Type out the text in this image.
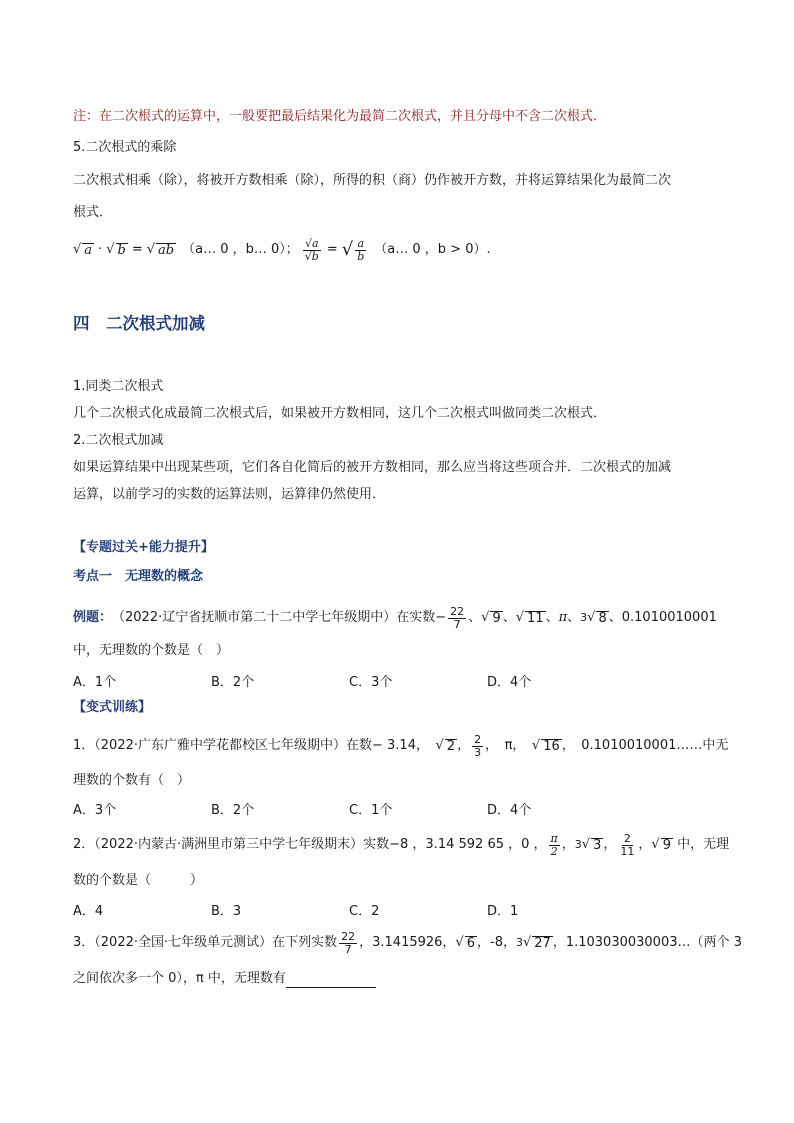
注：在二次根式的运算中，一般要把最后结果化为最简二次根式，并且分母中不含二次根式．
5.二次根式的乘除
二次根式相乘（除），将被开方数相乘（除），所得的积（商）仍作被开方数，并将运算结果化为最简二次
根式．
√ a · √ b = √ ab （a… 0 ，b… 0）； $\frac{√a}{√b}$ = √ $\frac{a}{b}$ （a… 0 ，b > 0）.
四　二次根式加减
1.同类二次根式
几个二次根式化成最简二次根式后，如果被开方数相同，这几个二次根式叫做同类二次根式．
2.二次根式加减
如果运算结果中出现某些项，它们各自化简后的被开方数相同，那么应当将这些项合并．二次根式的加减
运算，以前学习的实数的运算法则，运算律仍然使用．
【专题过关+能力提升】
考点一　无理数的概念
例题： （2022·辽宁省抚顺市第二十二中学七年级期中）在实数 − $\frac{22}{7}$ 、 √ 9 、 √ 11 、 π 、 3 √ 8 、0.1010010001
中，无理数的个数是（　）
A．1个	B．2个	C．3个	D．4个
【变式训练】
1．（2022·广东广雅中学花都校区七年级期中）在数 − 3.14，　 √ 2 ， $\frac{2}{3}$ ，　π，　 √ 16 ，　0.1010010001…… 中无
理数的个数有（　）
A．3个	B．2个	C．1个	D．4个
2．（2022·内蒙古·满洲里市第三中学七年级期末）实数 −8 ，3.14 592 65 ，0 ， $\frac{\pi}{2}$ ， 3 √ 3 ， $\frac{2}{11}$ ， √ 9
中，无理
数的个数是（　　　）
A．4	B．3	C．2	D．1
3．（2022·全国·七年级单元测试）在下列实数 $\frac{22}{7}$ ，3.1415926， √ 6 ，-8， 3 √ 27 ，1.103030030003… （两个 3
之间依次多一个 0），π 中，无理数有
